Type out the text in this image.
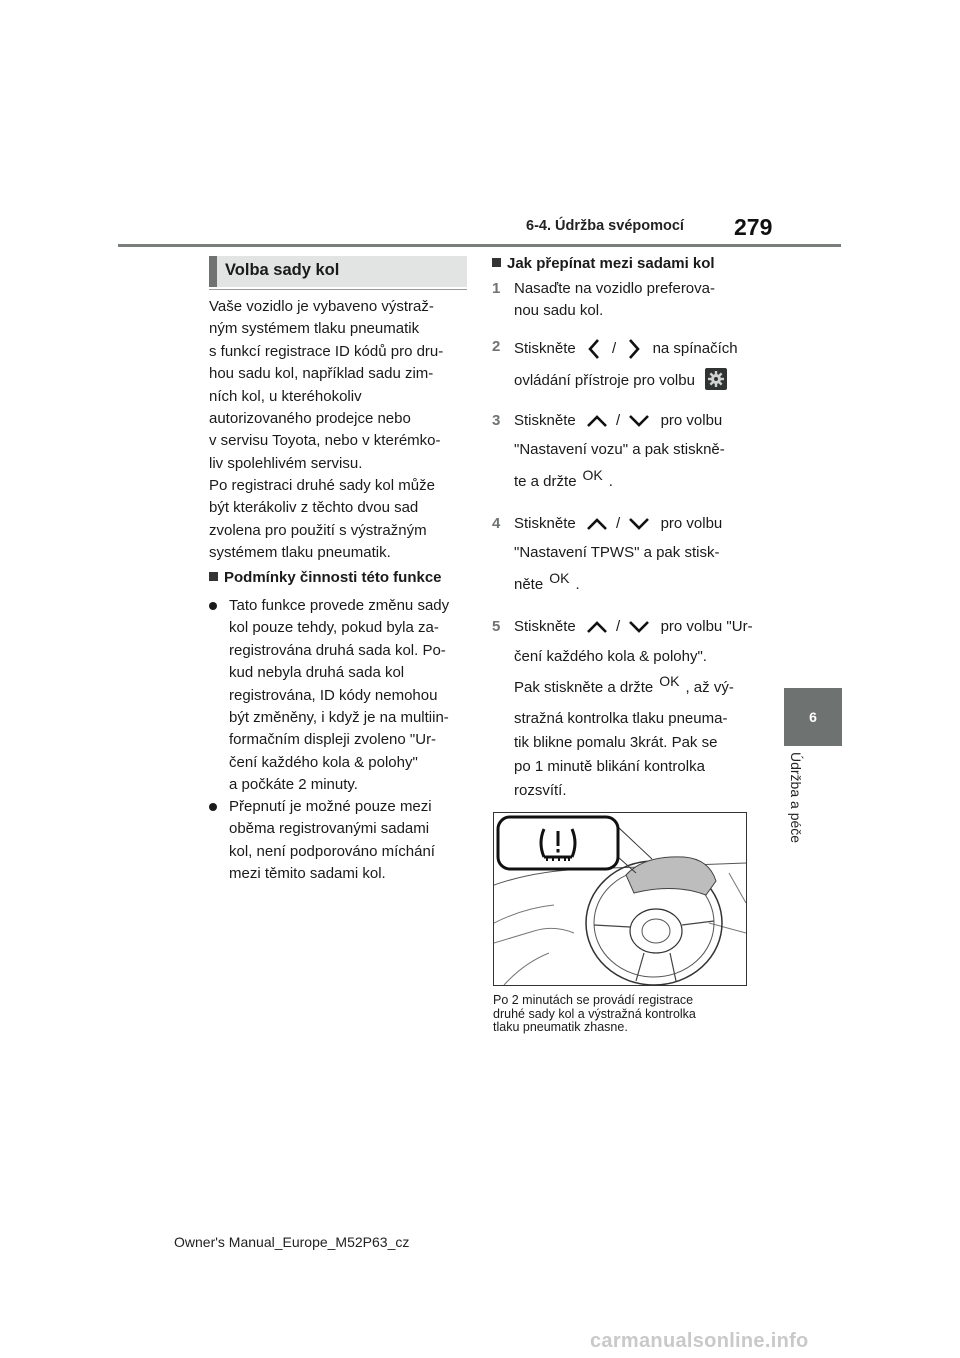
6-4. Údržba svépomocí 279
6
Údržba a péče
Volba sady kol
Vaše vozidlo je vybaveno výstraž-
ným systémem tlaku pneumatik
s funkcí registrace ID kódů pro dru-
hou sadu kol, například sadu zim-
ních kol, u kteréhokoliv
autorizovaného prodejce nebo
v servisu Toyota, nebo v kterémko-
liv spolehlivém servisu.
Po registraci druhé sady kol může
být kterákoliv z těchto dvou sad
zvolena pro použití s výstražným
systémem tlaku pneumatik.
Podmínky činnosti této funkce
Tato funkce provede změnu sady
kol pouze tehdy, pokud byla za-
registrována druhá sada kol. Po-
kud nebyla druhá sada kol
registrována, ID kódy nemohou
být změněny, i když je na multiin-
formačním displeji zvoleno "Ur-
čení každého kola & polohy"
a počkáte 2 minuty.
Přepnutí je možné pouze mezi
oběma registrovanými sadami
kol, není podporováno míchání
mezi těmito sadami kol.
Jak přepínat mezi sadami kol
1 Nasaďte na vozidlo preferova-
nou sadu kol.
2 Stiskněte / na spínačích
ovládání přístroje pro volbu
3 Stiskněte	/	pro volbu
"Nastavení vozu" a pak stiskně-
te a držte OK .
4 Stiskněte	/	pro volbu
"Nastavení TPWS" a pak stisk-
něte OK .
5 Stiskněte	/	pro volbu "Ur-
čení každého kola & polohy".
Pak stiskněte a držte OK , až vý-
stražná kontrolka tlaku pneuma-
tik blikne pomalu 3krát. Pak se
po 1 minutě blikání kontrolka
rozsvítí.
Po 2 minutách se provádí registrace
druhé sady kol a výstražná kontrolka
tlaku pneumatik zhasne.
Owner's Manual_Europe_M52P63_cz
carmanualsonline.info
